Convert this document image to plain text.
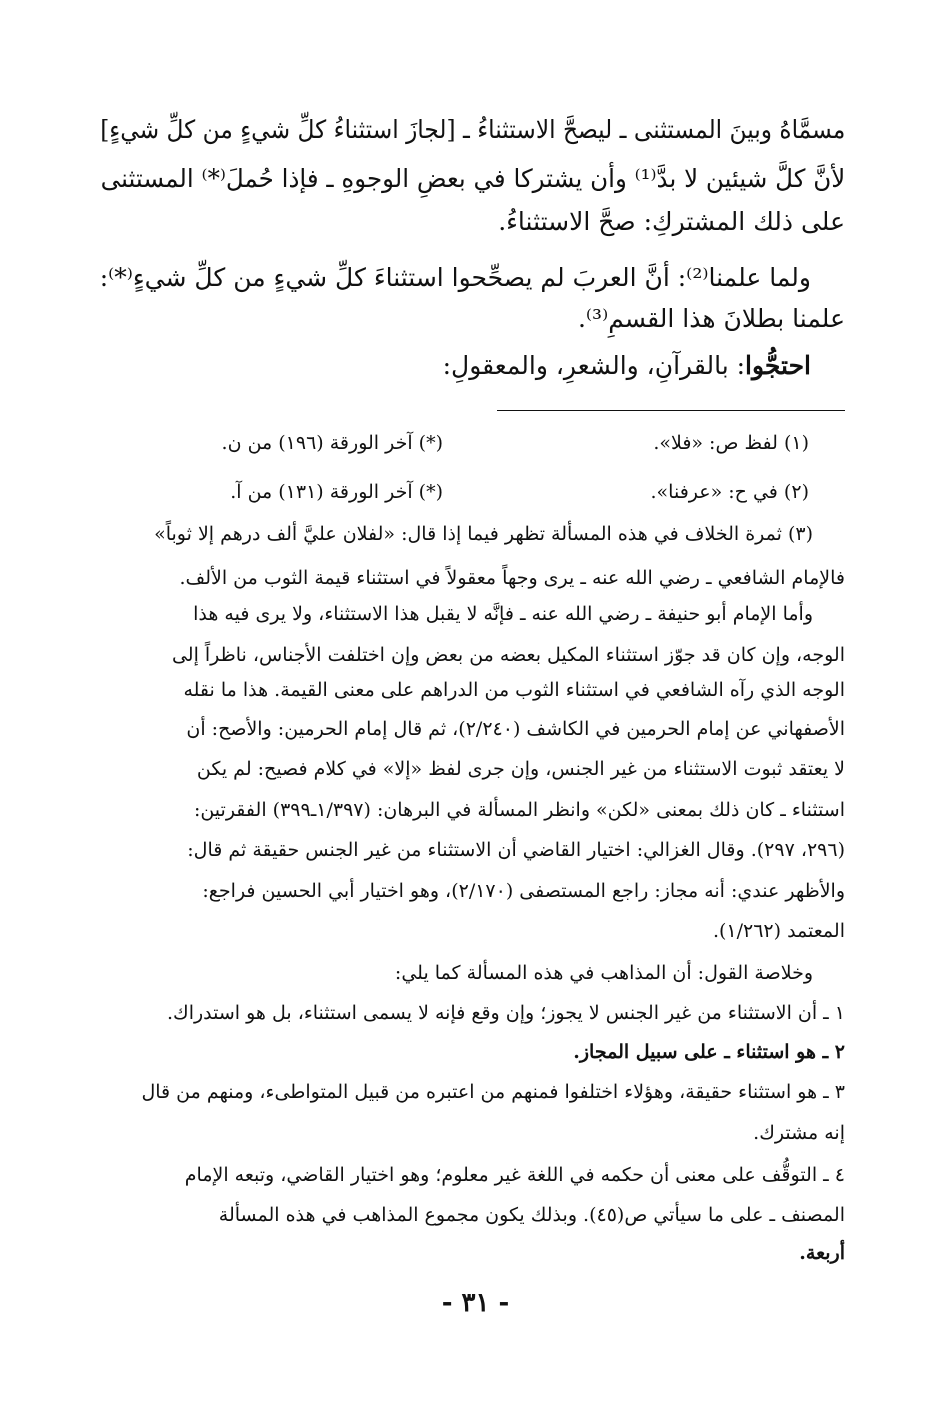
مسمَّاهُ وبينَ المستثنى ـ ليصحَّ الاستثناءُ ـ [لجازَ استثناءُ كلِّ شيءٍ من كلِّ شيءٍ]

لأنَّ كلَّ شيئين لا بدَّ⁽¹⁾ وأن يشتركا في بعضِ الوجوهِ ـ فإذا حُملَ⁽*⁾ المستثنى

على ذلك المشتركِ: صحَّ الاستثناءُ.

ولما علمنا⁽²⁾: أنَّ العربَ لم يصحِّحوا استثناءَ كلِّ شيءٍ من كلِّ شيءٍ⁽*⁾:

علمنا بطلانَ هذا القسمِ⁽³⁾.

احتجُّوا: بالقرآنِ، والشعرِ، والمعقولِ:

(١) لفظ ص: «فلا».

(*) آخر الورقة (١٩٦) من ن.

(٢) في ح: «عرفنا».

(*) آخر الورقة (١٣١) من آ.

(٣) ثمرة الخلاف في هذه المسألة تظهر فيما إذا قال: «لفلان عليَّ ألف درهم إلا ثوباً»

فالإمام الشافعي ـ رضي الله عنه ـ يرى وجهاً معقولاً في استثناء قيمة الثوب من الألف.

وأما الإمام أبو حنيفة ـ رضي الله عنه ـ فإنَّه لا يقبل هذا الاستثناء، ولا يرى فيه هذا

الوجه، وإن كان قد جوّز استثناء المكيل بعضه من بعض وإن اختلفت الأجناس، ناظراً إلى

الوجه الذي رآه الشافعي في استثناء الثوب من الدراهم على معنى القيمة. هذا ما نقله

الأصفهاني عن إمام الحرمين في الكاشف (٢/٢٤٠)، ثم قال إمام الحرمين: والأصح: أن

لا يعتقد ثبوت الاستثناء من غير الجنس، وإن جرى لفظ «إلا» في كلام فصيح: لم يكن

استثناء ـ كان ذلك بمعنى «لكن» وانظر المسألة في البرهان: (١/٣٩٧ـ٣٩٩) الفقرتين:

(٢٩٦، ٢٩٧). وقال الغزالي: اختيار القاضي أن الاستثناء من غير الجنس حقيقة ثم قال:

والأظهر عندي: أنه مجاز: راجع المستصفى (٢/١٧٠)، وهو اختيار أبي الحسين فراجع:

المعتمد (١/٢٦٢).

وخلاصة القول: أن المذاهب في هذه المسألة كما يلي:

١ ـ أن الاستثناء من غير الجنس لا يجوز؛ وإن وقع فإنه لا يسمى استثناء، بل هو استدراك.

٢ ـ هو استثناء ـ على سبيل المجاز.

٣ ـ هو استثناء حقيقة، وهؤلاء اختلفوا فمنهم من اعتبره من قبيل المتواطىء، ومنهم من قال

إنه مشترك.

٤ ـ التوقُّف على معنى أن حكمه في اللغة غير معلوم؛ وهو اختيار القاضي، وتبعه الإمام

المصنف ـ على ما سيأتي ص(٤٥). وبذلك يكون مجموع المذاهب في هذه المسألة

أربعة.

- ٣١ -
